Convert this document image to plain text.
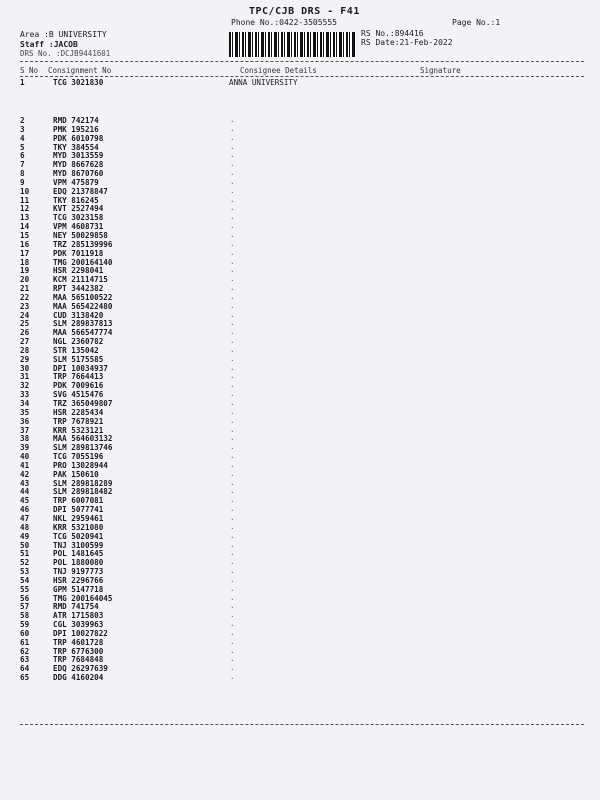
TPC/CJB DRS - F41
Phone No.:0422-3505555	Page No.:1
Area :B UNIVERSITY
Staff :JACOB
DRS No. :DCJB9441601
RS No.:894416
RS Date:21-Feb-2022
S No Consignment No	Consignee Details	Signature
1	TCG 3021830	ANNA UNIVERSITY
2	RMD 742174	.
3	PMK 195216	.
4	PDK 6010798	.
5	TKY 384554	.
6	MYD 3013559	.
7	MYD 8667628	.
8	MYD 8670760	.
9	VPM 475879	.
10	EDQ 21378847	.
11	TKY 816245	.
12	KVT 2527494	.
13	TCG 3023158	.
14	VPM 4608731	.
15	NEY 50029858	.
16	TRZ 285139996	.
17	PDK 7011918	.
18	TMG 200164140	.
19	HSR 2298041	.
20	KCM 21114715	.
21	RPT 3442382	.
22	MAA 565100522	.
23	MAA 565422480	.
24	CUD 3138420	.
25	SLM 289837813	.
26	MAA 566547774	.
27	NGL 2360782	.
28	STR 135042	.
29	SLM 5175585	.
30	DPI 10034937	.
31	TRP 7664413	.
32	PDK 7009616	.
33	SVG 4515476	.
34	TRZ 365049807	.
35	HSR 2285434	.
36	TRP 7678921	.
37	KRR 5323121	.
38	MAA 564603132	.
39	SLM 289813746	.
40	TCG 7055196	.
41	PRO 13028944	.
42	PAK 150610	.
43	SLM 289818289	.
44	SLM 289818482	.
45	TRP 6007081	.
46	DPI 5077741	.
47	NKL 2959461	.
48	KRR 5321080	.
49	TCG 5020941	.
50	TNJ 3100599	.
51	POL 1481645	.
52	POL 1880080	.
53	TNJ 9197773	.
54	HSR 2296766	.
55	GPM 5147718	.
56	TMG 200164045	.
57	RMD 741754	.
58	ATR 1715803	.
59	CGL 3039963	.
60	DPI 10027822	.
61	TRP 4601728	.
62	TRP 6776300	.
63	TRP 7684848	.
64	EDQ 26297639	.
65	DDG 4160204	.
